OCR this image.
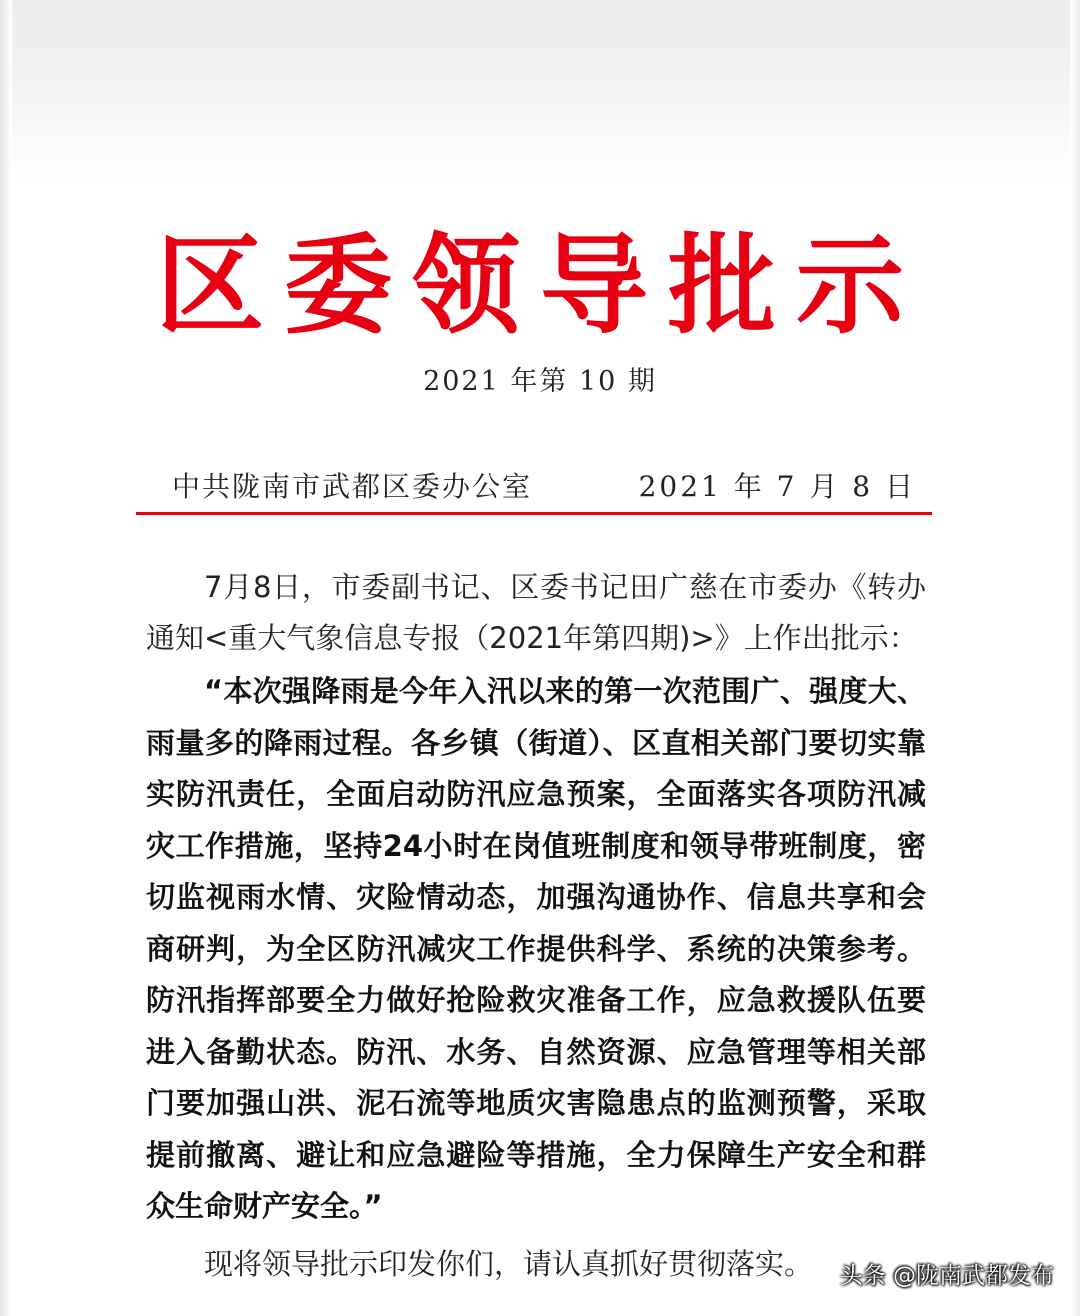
区委领导批示
2021 年第 10 期
中共陇南市武都区委办公室	2021 年 7 月 8 日

7月8日，市委副书记、区委书记田广慈在市委办《转办通知<重大气象信息专报（2021年第四期)>》上作出批示：

“本次强降雨是今年入汛以来的第一次范围广、强度大、雨量多的降雨过程。各乡镇（街道）、区直相关部门要切实靠实防汛责任，全面启动防汛应急预案，全面落实各项防汛减灾工作措施，坚持24小时在岗值班制度和领导带班制度，密切监视雨水情、灾险情动态，加强沟通协作、信息共享和会商研判，为全区防汛减灾工作提供科学、系统的决策参考。防汛指挥部要全力做好抢险救灾准备工作，应急救援队伍要进入备勤状态。防汛、水务、自然资源、应急管理等相关部门要加强山洪、泥石流等地质灾害隐患点的监测预警，采取提前撤离、避让和应急避险等措施，全力保障生产安全和群众生命财产安全。”

现将领导批示印发你们，请认真抓好贯彻落实。	头条 @陇南武都发布
